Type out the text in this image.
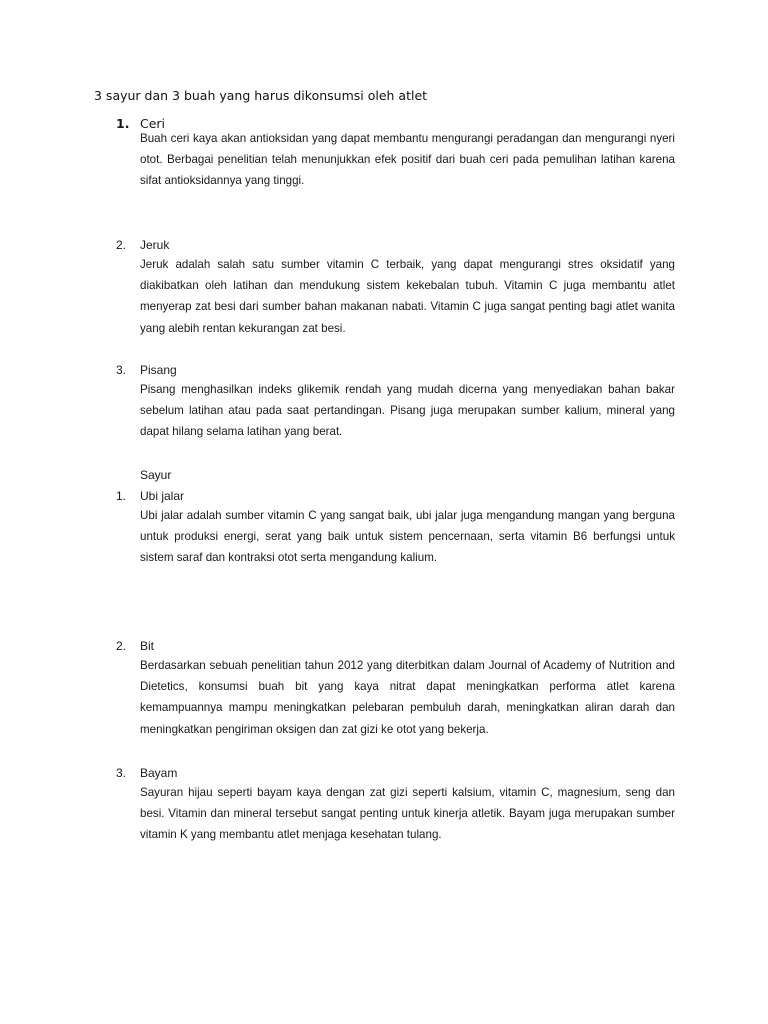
3 sayur dan 3 buah yang harus dikonsumsi oleh atlet
1. Ceri
Buah ceri kaya akan antioksidan yang dapat membantu mengurangi peradangan dan mengurangi nyeri otot. Berbagai penelitian telah menunjukkan efek positif dari buah ceri pada pemulihan latihan karena sifat antioksidannya yang tinggi.
2. Jeruk
Jeruk adalah salah satu sumber vitamin C terbaik, yang dapat mengurangi stres oksidatif yang diakibatkan oleh latihan dan mendukung sistem kekebalan tubuh. Vitamin C juga membantu atlet menyerap zat besi dari sumber bahan makanan nabati. Vitamin C juga sangat penting bagi atlet wanita yang alebih rentan kekurangan zat besi.
3. Pisang
Pisang menghasilkan indeks glikemik rendah yang mudah dicerna yang menyediakan bahan bakar sebelum latihan atau pada saat pertandingan. Pisang juga merupakan sumber kalium, mineral yang dapat hilang selama latihan yang berat.
Sayur
1. Ubi jalar
Ubi jalar adalah sumber vitamin C yang sangat baik, ubi jalar juga mengandung mangan yang berguna untuk produksi energi, serat yang baik untuk sistem pencernaan, serta vitamin B6 berfungsi untuk sistem saraf dan kontraksi otot serta mengandung kalium.
2. Bit
Berdasarkan sebuah penelitian tahun 2012 yang diterbitkan dalam Journal of Academy of Nutrition and Dietetics, konsumsi buah bit yang kaya nitrat dapat meningkatkan performa atlet karena kemampuannya mampu meningkatkan pelebaran pembuluh darah, meningkatkan aliran darah dan meningkatkan pengiriman oksigen dan zat gizi ke otot yang bekerja.
3. Bayam
Sayuran hijau seperti bayam kaya dengan zat gizi seperti kalsium, vitamin C, magnesium, seng dan besi. Vitamin dan mineral tersebut sangat penting untuk kinerja atletik. Bayam juga merupakan sumber vitamin K yang membantu atlet menjaga kesehatan tulang.
